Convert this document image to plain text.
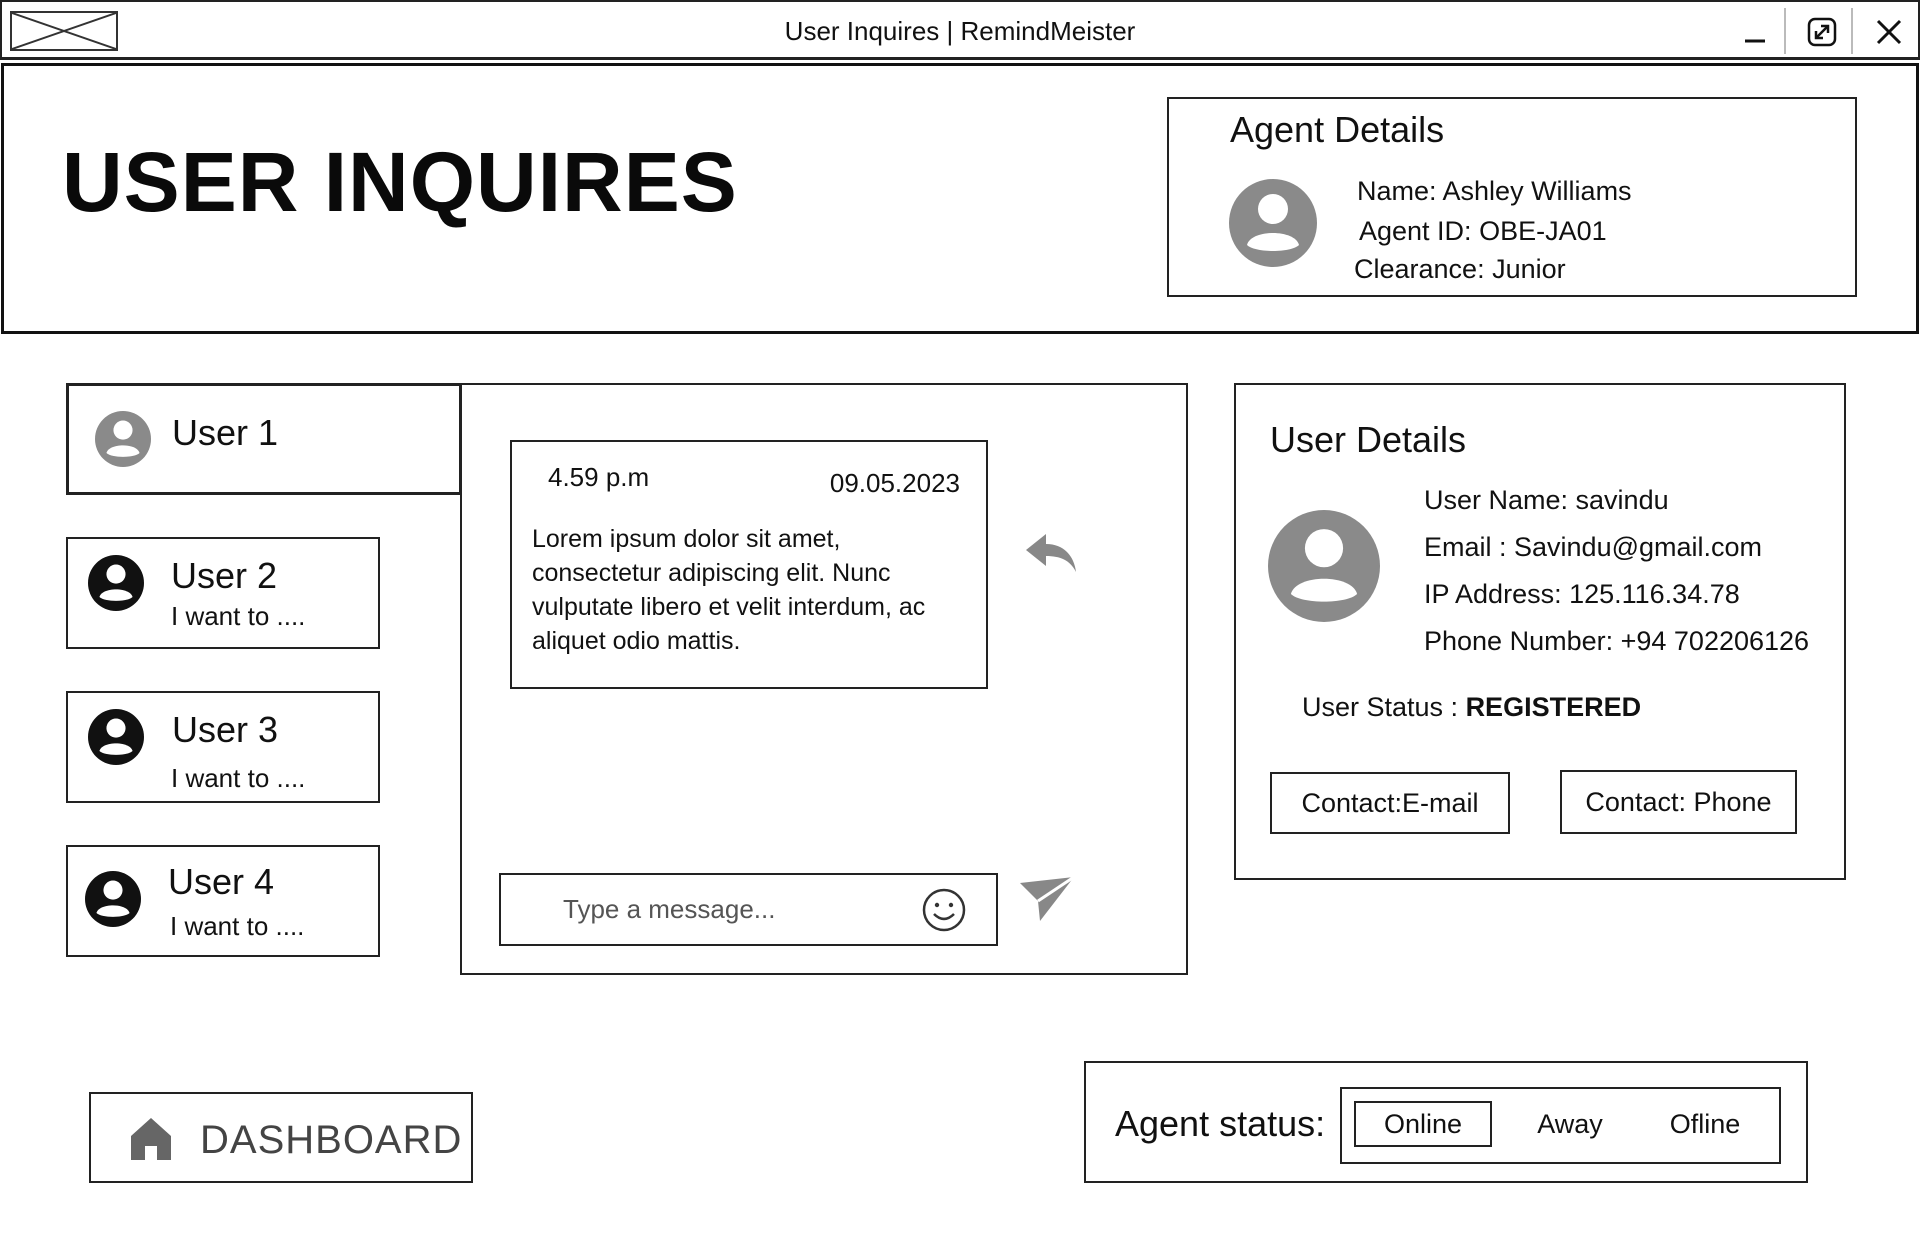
User Inquires | RemindMeister
USER INQUIRES
Agent Details
Name: Ashley Williams
Agent ID: OBE-JA01
Clearance: Junior
User 1
User 2
I want to ....
User 3
I want to ....
User 4
I want to ....
4.59 p.m	09.05.2023
Lorem ipsum dolor sit amet, consectetur adipiscing elit. Nunc vulputate libero et velit interdum, ac aliquet odio mattis.
Type a message...
User Details
User Name: savindu
Email : Savindu@gmail.com
IP Address: 125.116.34.78
Phone Number: +94 702206126
User Status : REGISTERED
Contact:E-mail	Contact: Phone
DASHBOARD	Agent status:	Online	Away	Ofline
